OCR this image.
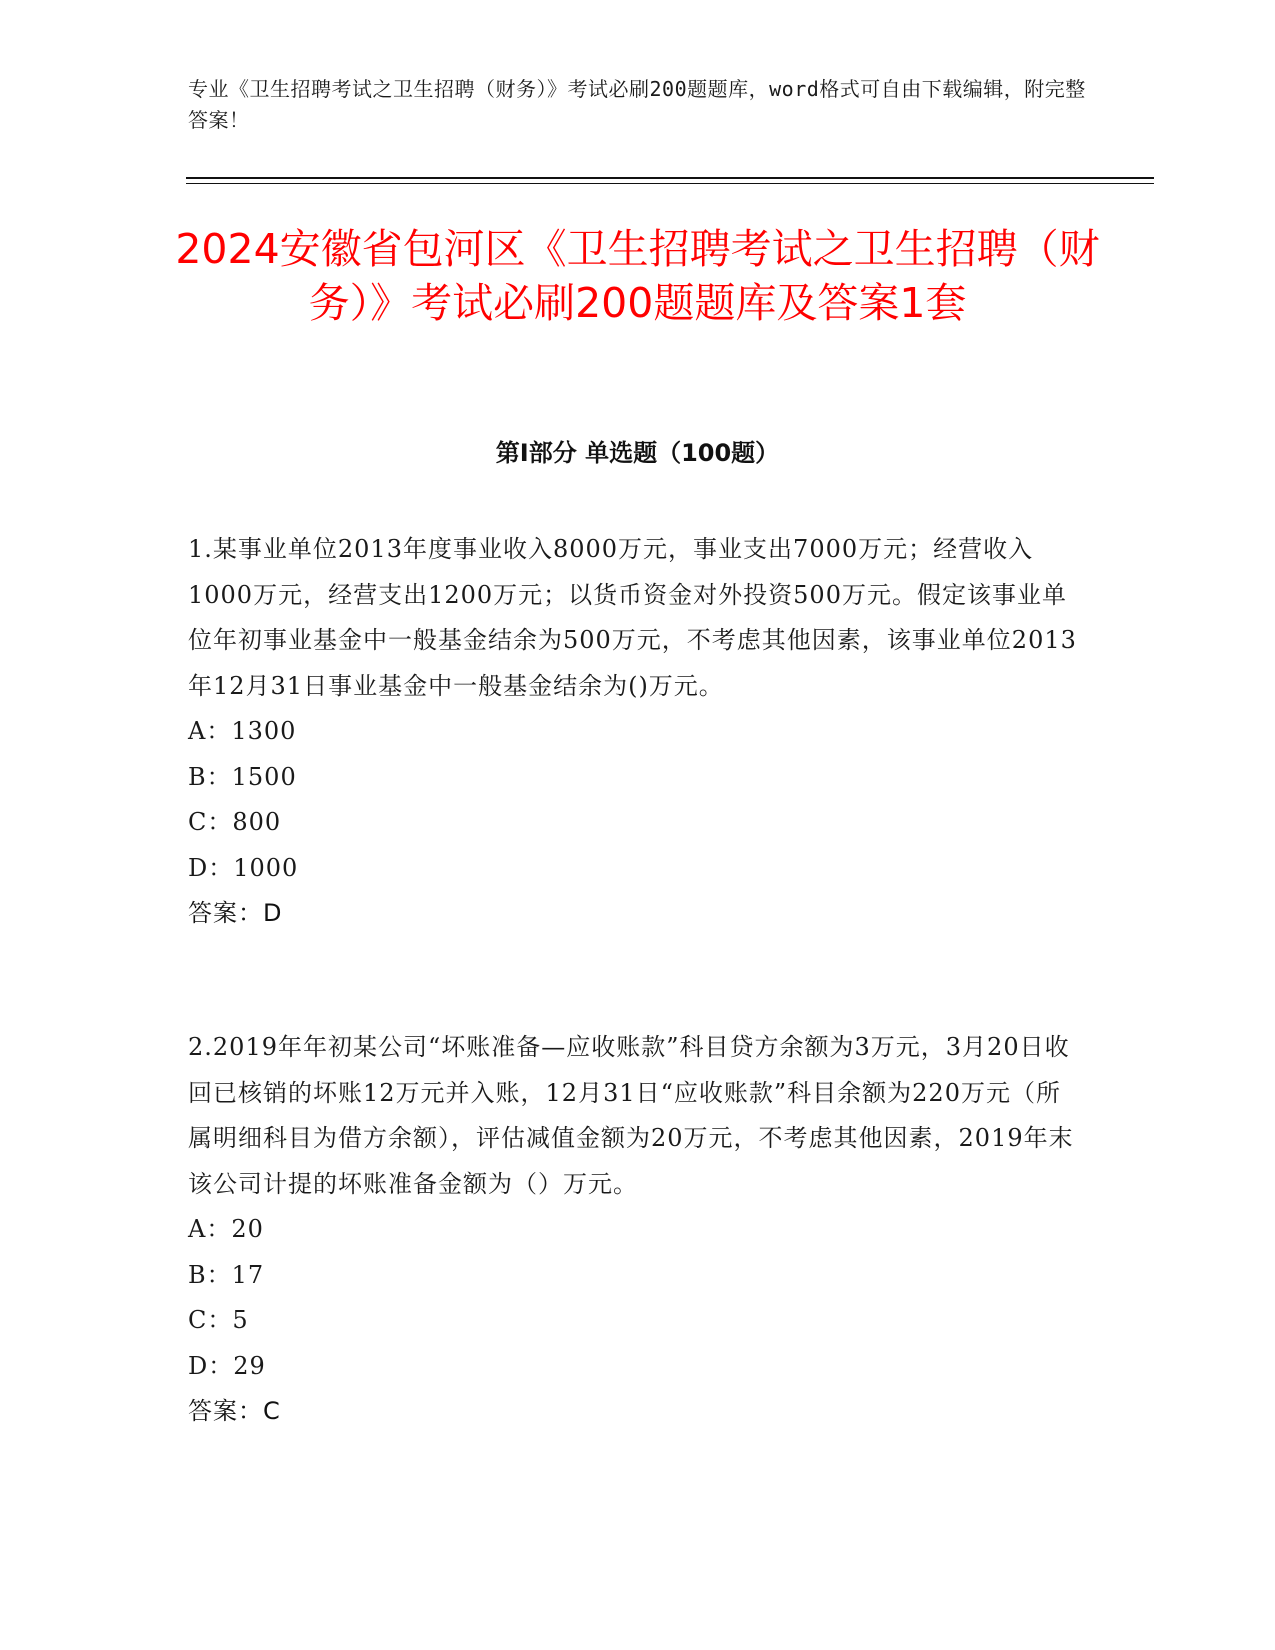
专业《卫生招聘考试之卫生招聘（财务）》考试必刷200题题库，word格式可自由下载编辑，附完整答案！
2024安徽省包河区《卫生招聘考试之卫生招聘（财务）》考试必刷200题题库及答案1套
第I部分 单选题（100题）

1.某事业单位2013年度事业收入8000万元，事业支出7000万元；经营收入1000万元，经营支出1200万元；以货币资金对外投资500万元。假定该事业单位年初事业基金中一般基金结余为500万元，不考虑其他因素，该事业单位2013年12月31日事业基金中一般基金结余为()万元。

A：1300

B：1500

C：800

D：1000

答案：D

2.2019年年初某公司“坏账准备—应收账款”科目贷方余额为3万元，3月20日收回已核销的坏账12万元并入账，12月31日“应收账款”科目余额为220万元（所属明细科目为借方余额），评估减值金额为20万元，不考虑其他因素，2019年末该公司计提的坏账准备金额为（）万元。

A：20

B：17

C：5

D：29

答案：C
